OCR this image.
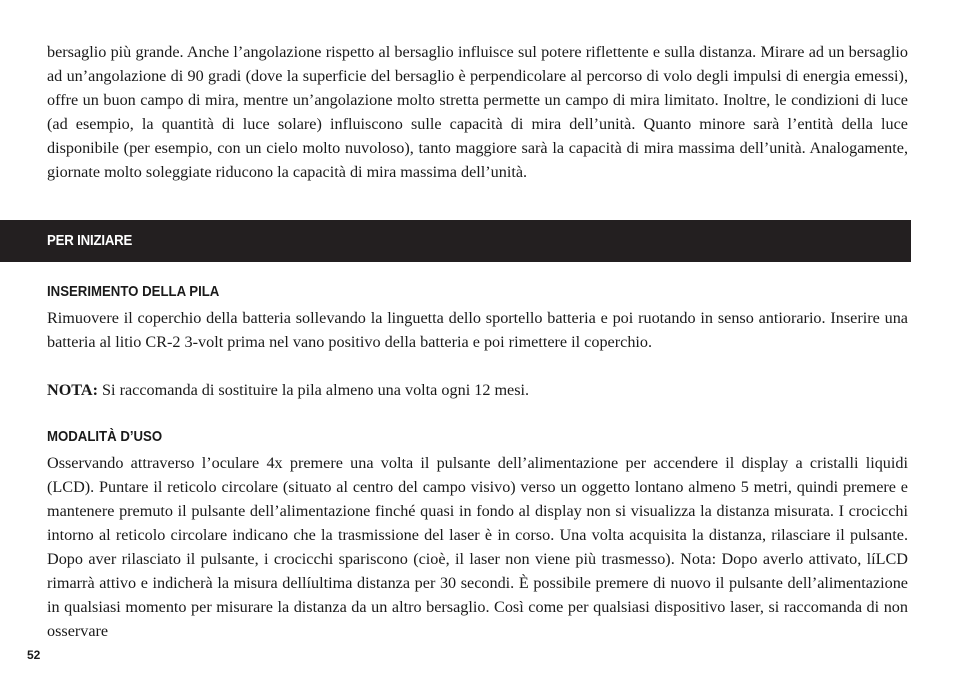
bersaglio più grande. Anche l’angolazione rispetto al bersaglio influisce sul potere riflettente e sulla distanza. Mirare ad un bersaglio ad un’angolazione di 90 gradi (dove la superficie del bersaglio è perpendicolare al percorso di volo degli impulsi di energia emessi), offre un buon campo di mira, mentre un’angolazione molto stretta permette un campo di mira limitato. Inoltre, le condizioni di luce (ad esempio, la quantità di luce solare) influiscono sulle capacità di mira dell’unità. Quanto minore sarà l’entità della luce disponibile (per esempio, con un cielo molto nuvoloso), tanto maggiore sarà la capacità di mira massima dell’unità. Analogamente, giornate molto soleggiate riducono la capacità di mira massima dell’unità.

PER INIZIARE
INSERIMENTO DELLA PILA

Rimuovere il coperchio della batteria sollevando la linguetta dello sportello batteria e poi ruotando in senso antiorario. Inserire una batteria al litio CR-2 3-volt prima nel vano positivo della batteria e poi rimettere il coperchio.

NOTA: Si raccomanda di sostituire la pila almeno una volta ogni 12 mesi.

MODALITÀ D’USO

Osservando attraverso l’oculare 4x premere una volta il pulsante dell’alimentazione per accendere il display a cristalli liquidi (LCD). Puntare il reticolo circolare (situato al centro del campo visivo) verso un oggetto lontano almeno 5 metri, quindi premere e mantenere premuto il pulsante dell’alimentazione finché quasi in fondo al display non si visualizza la distanza misurata. I crocicchi intorno al reticolo circolare indicano che la trasmissione del laser è in corso. Una volta acquisita la distanza, rilasciare il pulsante. Dopo aver rilasciato il pulsante, i crocicchi spariscono (cioè, il laser non viene più trasmesso). Nota: Dopo averlo attivato, líLCD rimarrà attivo e indicherà la misura dellíultima distanza per 30 secondi. È possibile premere di nuovo il pulsante dell’alimentazione in qualsiasi momento per misurare la distanza da un altro bersaglio. Così come per qualsiasi dispositivo laser, si raccomanda di non osservare

52
